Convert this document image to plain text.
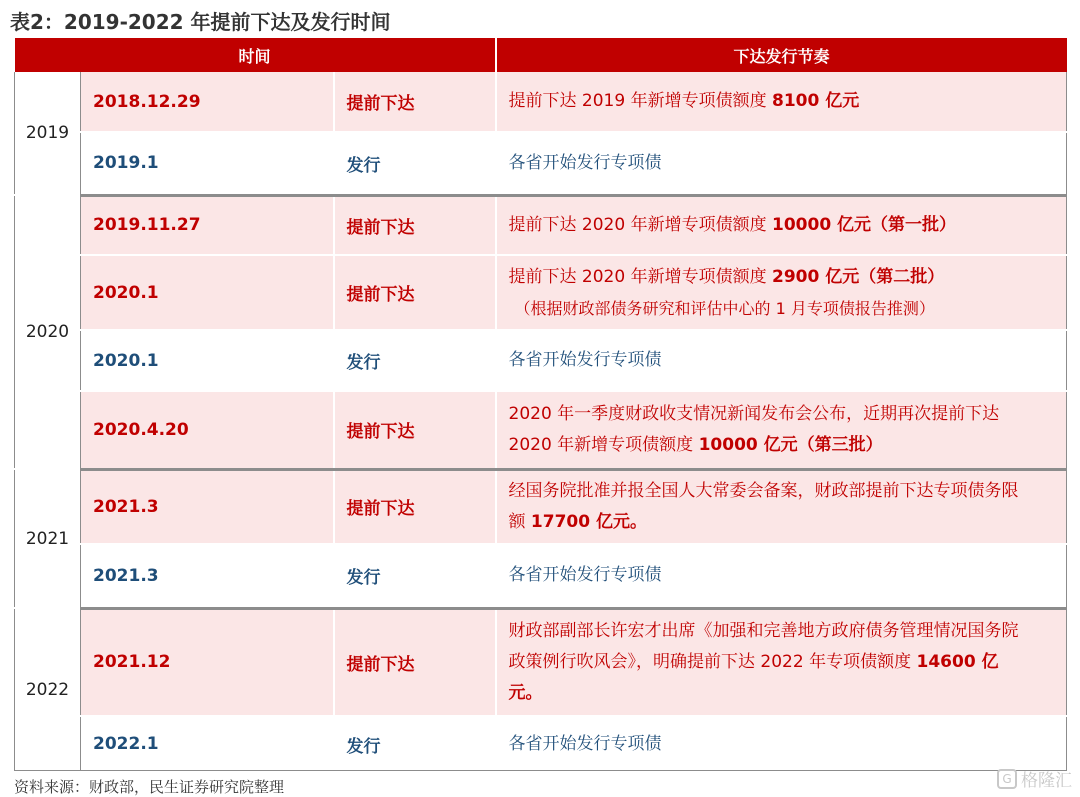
表2：2019-2022 年提前下达及发行时间
时间			下达发行节奏
2019	2018.12.29	提前下达	提前下达 2019 年新增专项债额度 8100 亿元
	2019.1	发行	各省开始发行专项债
2020	2019.11.27	提前下达	提前下达 2020 年新增专项债额度 10000 亿元（第一批）
	2020.1	提前下达	提前下达 2020 年新增专项债额度 2900 亿元（第二批）
（根据财政部债务研究和评估中心的 1 月专项债报告推测）

	2020.1	发行	各省开始发行专项债
	2020.4.20	提前下达	2020 年一季度财政收支情况新闻发布会公布，近期再次提前下达
2020 年新增专项债额度 10000 亿元（第三批）
2021	2021.3	提前下达	经国务院批准并报全国人大常委会备案，财政部提前下达专项债务限
额 17700 亿元。
	2021.3	发行	各省开始发行专项债
2022	2021.12	提前下达	财政部副部长许宏才出席《加强和完善地方政府债务管理情况国务院
政策例行吹风会》，明确提前下达 2022 年专项债额度 14600 亿
元。
	2022.1	发行	各省开始发行专项债
资料来源：财政部，民生证券研究院整理	G 格隆汇
